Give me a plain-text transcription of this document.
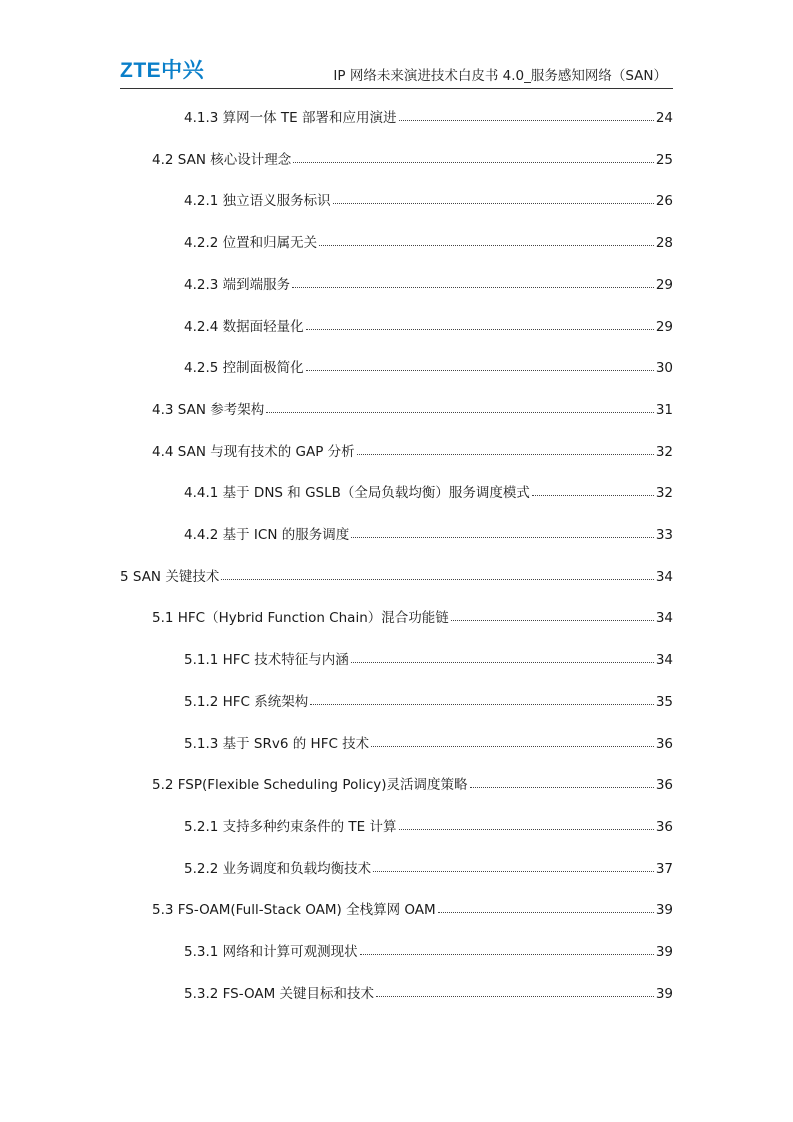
ZTE中兴	IP 网络未来演进技术白皮书 4.0_服务感知网络（SAN）
4.1.3 算网一体 TE 部署和应用演进	24
4.2 SAN 核心设计理念	25
4.2.1 独立语义服务标识	26
4.2.2 位置和归属无关	28
4.2.3 端到端服务	29
4.2.4 数据面轻量化	29
4.2.5 控制面极简化	30
4.3 SAN 参考架构	31
4.4 SAN 与现有技术的 GAP 分析	32
4.4.1 基于 DNS 和 GSLB（全局负载均衡）服务调度模式	32
4.4.2 基于 ICN 的服务调度	33
5 SAN 关键技术	34
5.1 HFC（Hybrid Function Chain）混合功能链	34
5.1.1 HFC 技术特征与内涵	34
5.1.2 HFC 系统架构	35
5.1.3 基于 SRv6 的 HFC 技术	36
5.2 FSP(Flexible Scheduling Policy)灵活调度策略	36
5.2.1 支持多种约束条件的 TE 计算	36
5.2.2 业务调度和负载均衡技术	37
5.3 FS-OAM(Full-Stack OAM) 全栈算网 OAM	39
5.3.1 网络和计算可观测现状	39
5.3.2 FS-OAM 关键目标和技术	39
